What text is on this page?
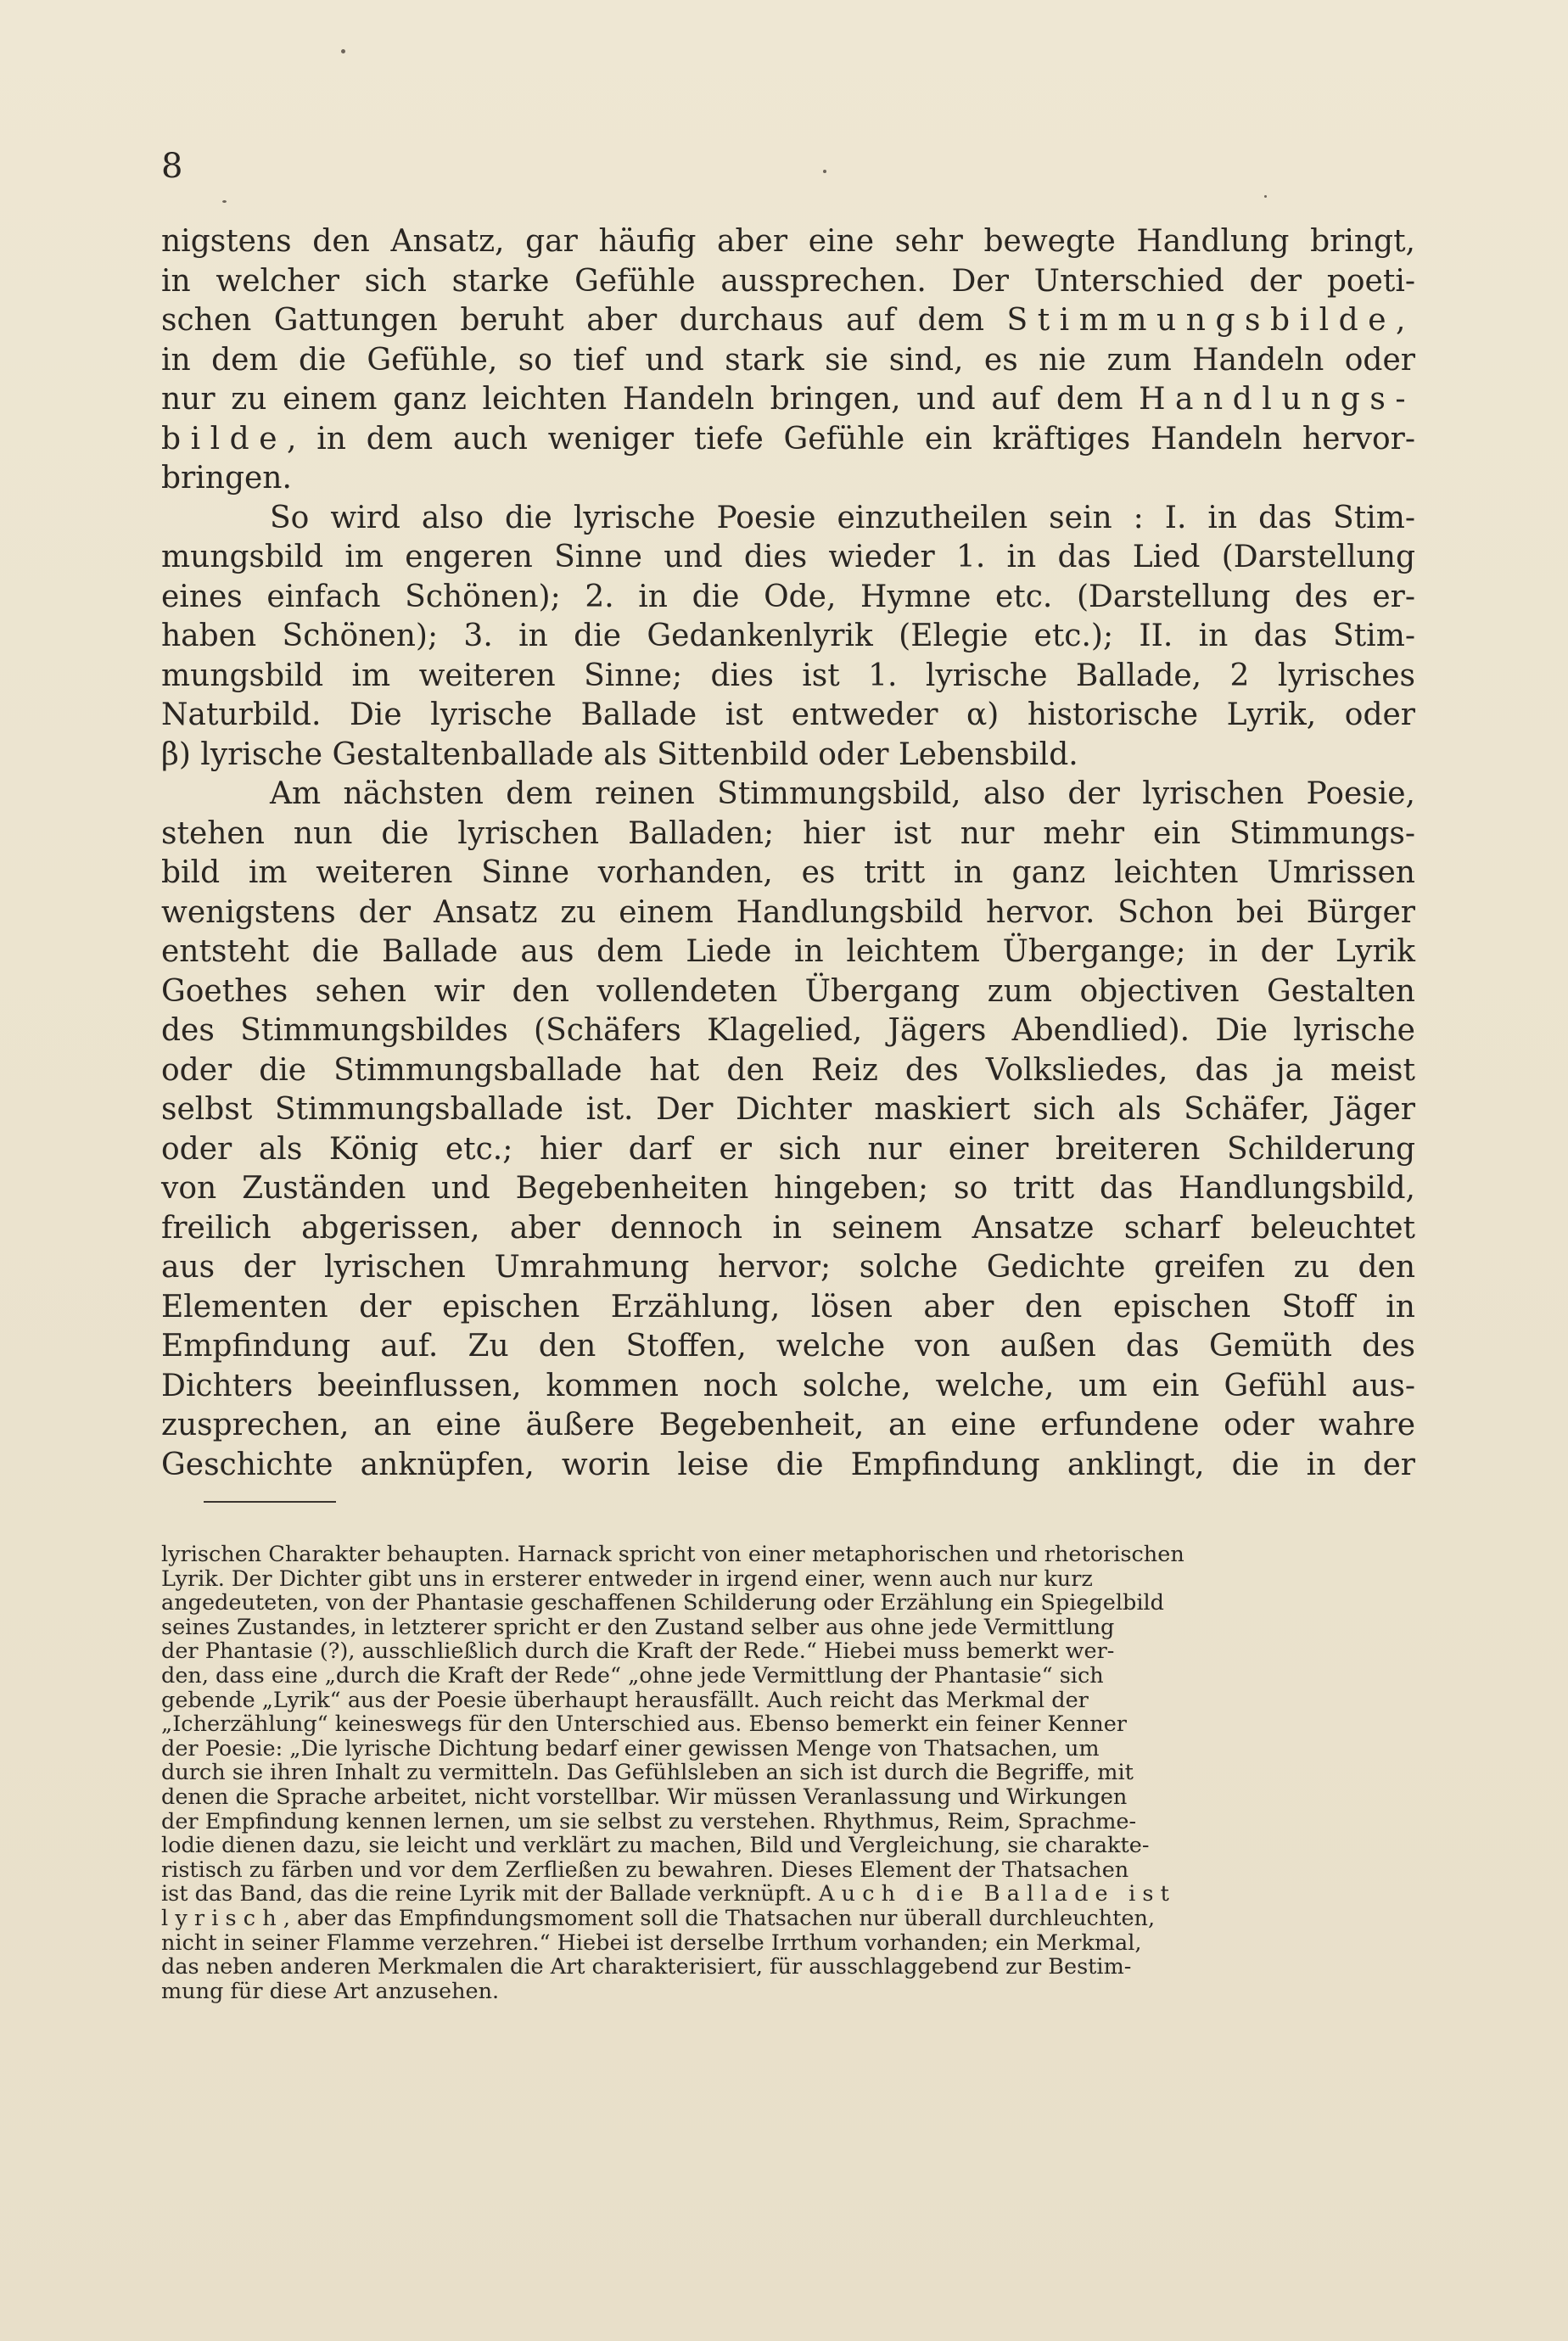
8

nigstens den Ansatz, gar häufig aber eine sehr bewegte Handlung bringt,
in welcher sich starke Gefühle aussprechen. Der Unterschied der poeti-
schen Gattungen beruht aber durchaus auf dem Stimmungsbilde,
in dem die Gefühle, so tief und stark sie sind, es nie zum Handeln oder
nur zu einem ganz leichten Handeln bringen, und auf dem Handlungs-
bilde, in dem auch weniger tiefe Gefühle ein kräftiges Handeln hervor-
bringen.

So wird also die lyrische Poesie einzutheilen sein : I. in das Stim-
mungsbild im engeren Sinne und dies wieder 1. in das Lied (Darstellung
eines einfach Schönen); 2. in die Ode, Hymne etc. (Darstellung des er-
haben Schönen); 3. in die Gedankenlyrik (Elegie etc.); II. in das Stim-
mungsbild im weiteren Sinne; dies ist 1. lyrische Ballade, 2 lyrisches
Naturbild. Die lyrische Ballade ist entweder α) historische Lyrik, oder
β) lyrische Gestaltenballade als Sittenbild oder Lebensbild.

Am nächsten dem reinen Stimmungsbild, also der lyrischen Poesie,
stehen nun die lyrischen Balladen; hier ist nur mehr ein Stimmungs-
bild im weiteren Sinne vorhanden, es tritt in ganz leichten Umrissen
wenigstens der Ansatz zu einem Handlungsbild hervor. Schon bei Bürger
entsteht die Ballade aus dem Liede in leichtem Übergange; in der Lyrik
Goethes sehen wir den vollendeten Übergang zum objectiven Gestalten
des Stimmungsbildes (Schäfers Klagelied, Jägers Abendlied). Die lyrische
oder die Stimmungsballade hat den Reiz des Volksliedes, das ja meist
selbst Stimmungsballade ist. Der Dichter maskiert sich als Schäfer, Jäger
oder als König etc.; hier darf er sich nur einer breiteren Schilderung
von Zuständen und Begebenheiten hingeben; so tritt das Handlungsbild,
freilich abgerissen, aber dennoch in seinem Ansatze scharf beleuchtet
aus der lyrischen Umrahmung hervor; solche Gedichte greifen zu den
Elementen der epischen Erzählung, lösen aber den epischen Stoff in
Empfindung auf. Zu den Stoffen, welche von außen das Gemüth des
Dichters beeinflussen, kommen noch solche, welche, um ein Gefühl aus-
zusprechen, an eine äußere Begebenheit, an eine erfundene oder wahre
Geschichte anknüpfen, worin leise die Empfindung anklingt, die in der

lyrischen Charakter behaupten. Harnack spricht von einer metaphorischen und rhetorischen
Lyrik. Der Dichter gibt uns in ersterer entweder in irgend einer, wenn auch nur kurz
angedeuteten, von der Phantasie geschaffenen Schilderung oder Erzählung ein Spiegelbild
seines Zustandes, in letzterer spricht er den Zustand selber aus ohne jede Vermittlung
der Phantasie (?), ausschließlich durch die Kraft der Rede.“ Hiebei muss bemerkt wer-
den, dass eine „durch die Kraft der Rede“ „ohne jede Vermittlung der Phantasie“ sich
gebende „Lyrik“ aus der Poesie überhaupt herausfällt. Auch reicht das Merkmal der
„Icherzählung“ keineswegs für den Unterschied aus. Ebenso bemerkt ein feiner Kenner
der Poesie: „Die lyrische Dichtung bedarf einer gewissen Menge von Thatsachen, um
durch sie ihren Inhalt zu vermitteln. Das Gefühlsleben an sich ist durch die Begriffe, mit
denen die Sprache arbeitet, nicht vorstellbar. Wir müssen Veranlassung und Wirkungen
der Empfindung kennen lernen, um sie selbst zu verstehen. Rhythmus, Reim, Sprachme-
lodie dienen dazu, sie leicht und verklärt zu machen, Bild und Vergleichung, sie charakte-
ristisch zu färben und vor dem Zerfließen zu bewahren. Dieses Element der Thatsachen
ist das Band, das die reine Lyrik mit der Ballade verknüpft. Auch die Ballade ist
lyrisch, aber das Empfindungsmoment soll die Thatsachen nur überall durchleuchten,
nicht in seiner Flamme verzehren.“ Hiebei ist derselbe Irrthum vorhanden; ein Merkmal,
das neben anderen Merkmalen die Art charakterisiert, für ausschlaggebend zur Bestim-
mung für diese Art anzusehen.
